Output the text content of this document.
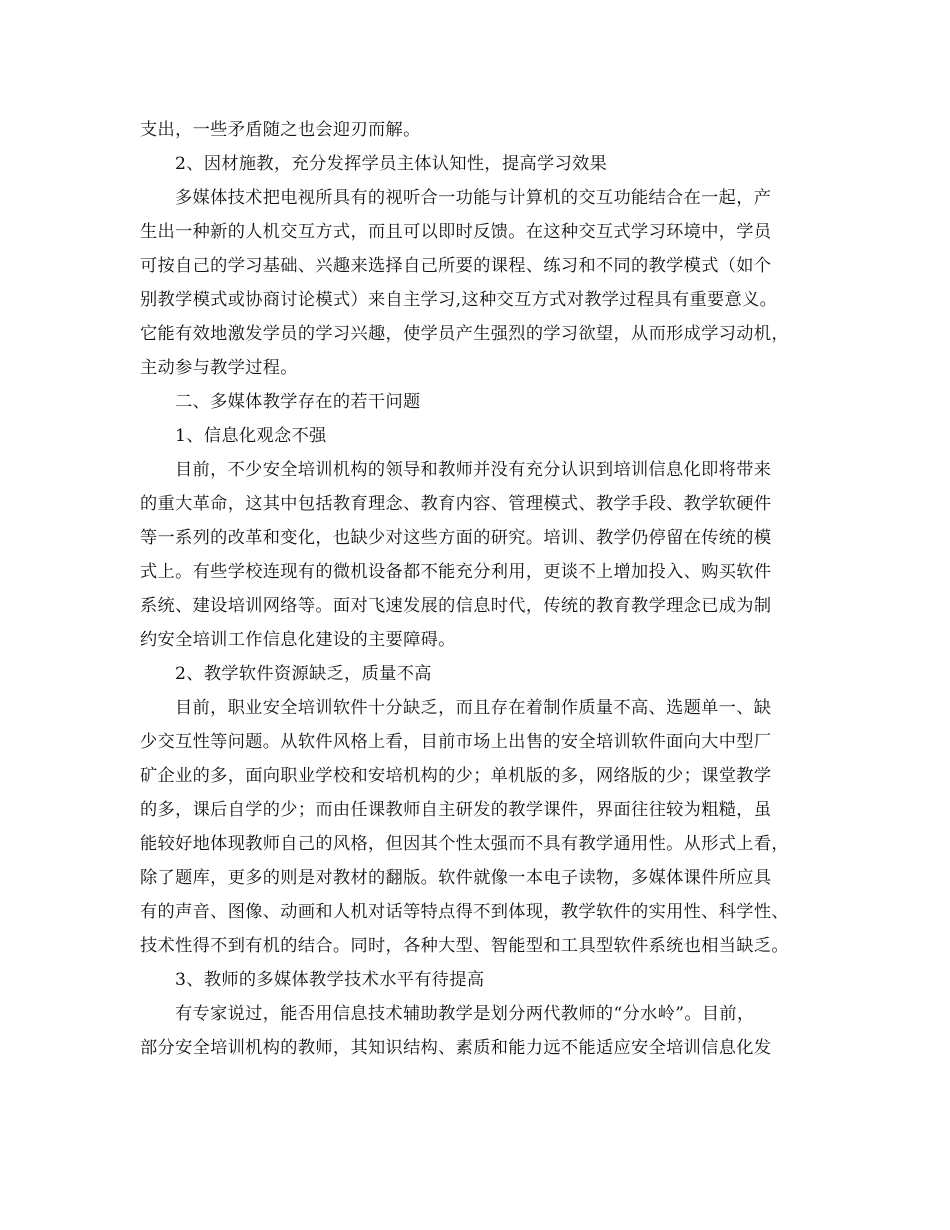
支出，一些矛盾随之也会迎刃而解。
2、因材施教，充分发挥学员主体认知性，提高学习效果
多媒体技术把电视所具有的视听合一功能与计算机的交互功能结合在一起，产
生出一种新的人机交互方式，而且可以即时反馈。在这种交互式学习环境中，学员
可按自己的学习基础、兴趣来选择自己所要的课程、练习和不同的教学模式（如个
别教学模式或协商讨论模式）来自主学习,这种交互方式对教学过程具有重要意义。
它能有效地激发学员的学习兴趣，使学员产生强烈的学习欲望，从而形成学习动机，
主动参与教学过程。
二、多媒体教学存在的若干问题
1、信息化观念不强
目前，不少安全培训机构的领导和教师并没有充分认识到培训信息化即将带来
的重大革命，这其中包括教育理念、教育内容、管理模式、教学手段、教学软硬件
等一系列的改革和变化，也缺少对这些方面的研究。培训、教学仍停留在传统的模
式上。有些学校连现有的微机设备都不能充分利用，更谈不上增加投入、购买软件
系统、建设培训网络等。面对飞速发展的信息时代，传统的教育教学理念已成为制
约安全培训工作信息化建设的主要障碍。
2、教学软件资源缺乏，质量不高
目前，职业安全培训软件十分缺乏，而且存在着制作质量不高、选题单一、缺
少交互性等问题。从软件风格上看，目前市场上出售的安全培训软件面向大中型厂
矿企业的多，面向职业学校和安培机构的少；单机版的多，网络版的少；课堂教学
的多，课后自学的少；而由任课教师自主研发的教学课件，界面往往较为粗糙，虽
能较好地体现教师自己的风格，但因其个性太强而不具有教学通用性。从形式上看，
除了题库，更多的则是对教材的翻版。软件就像一本电子读物，多媒体课件所应具
有的声音、图像、动画和人机对话等特点得不到体现，教学软件的实用性、科学性、
技术性得不到有机的结合。同时，各种大型、智能型和工具型软件系统也相当缺乏。
3、教师的多媒体教学技术水平有待提高
有专家说过，能否用信息技术辅助教学是划分两代教师的“分水岭”。目前，
部分安全培训机构的教师，其知识结构、素质和能力远不能适应安全培训信息化发
